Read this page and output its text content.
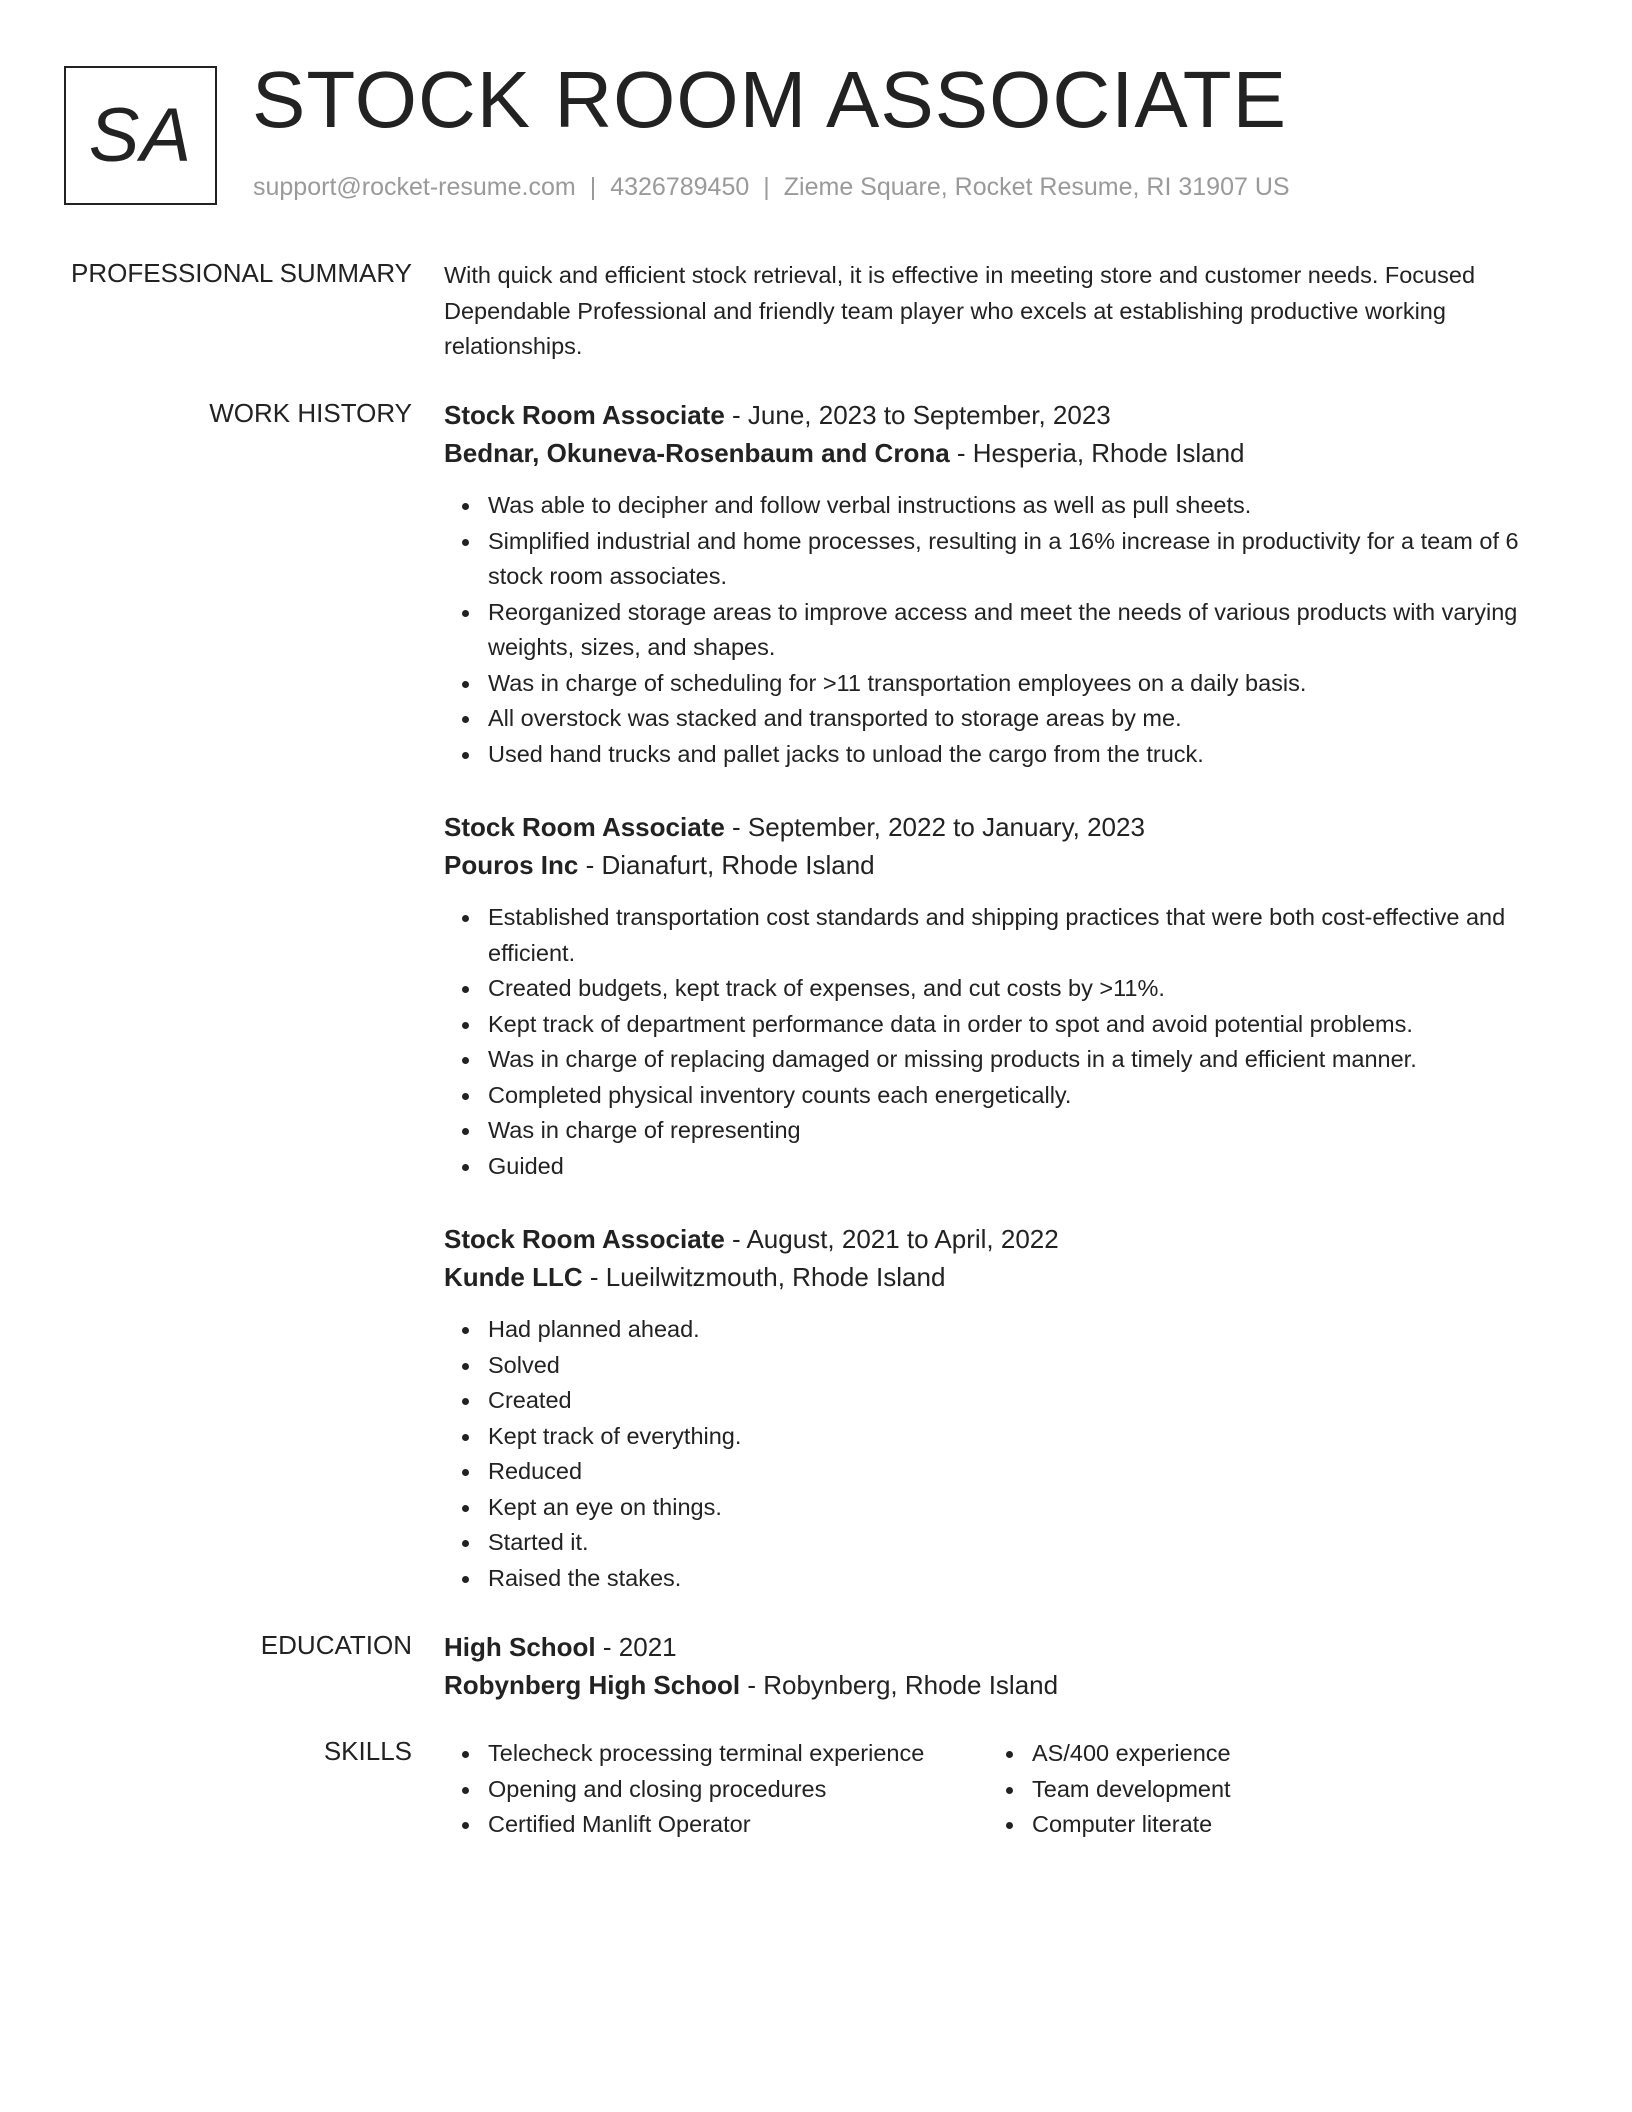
SA STOCK ROOM ASSOCIATE
support@rocket-resume.com | 4326789450 | Zieme Square, Rocket Resume, RI 31907 US
PROFESSIONAL SUMMARY With quick and efficient stock retrieval, it is effective in meeting store and customer needs. Focused Dependable Professional and friendly team player who excels at establishing productive working relationships.
WORK HISTORY Stock Room Associate - June, 2023 to September, 2023
Bednar, Okuneva-Rosenbaum and Crona - Hesperia, Rhode Island
Was able to decipher and follow verbal instructions as well as pull sheets.
Simplified industrial and home processes, resulting in a 16% increase in productivity for a team of 6 stock room associates.
Reorganized storage areas to improve access and meet the needs of various products with varying weights, sizes, and shapes.
Was in charge of scheduling for >11 transportation employees on a daily basis.
All overstock was stacked and transported to storage areas by me.
Used hand trucks and pallet jacks to unload the cargo from the truck.
Stock Room Associate - September, 2022 to January, 2023
Pouros Inc - Dianafurt, Rhode Island
Established transportation cost standards and shipping practices that were both cost-effective and efficient.
Created budgets, kept track of expenses, and cut costs by >11%.
Kept track of department performance data in order to spot and avoid potential problems.
Was in charge of replacing damaged or missing products in a timely and efficient manner.
Completed physical inventory counts each energetically.
Was in charge of representing
Guided
Stock Room Associate - August, 2021 to April, 2022
Kunde LLC - Lueilwitzmouth, Rhode Island
Had planned ahead.
Solved
Created
Kept track of everything.
Reduced
Kept an eye on things.
Started it.
Raised the stakes.
EDUCATION High School - 2021
Robynberg High School - Robynberg, Rhode Island
SKILLS	Telecheck processing terminal experience
Opening and closing procedures
Certified Manlift Operator
AS/400 experience
Team development
Computer literate
